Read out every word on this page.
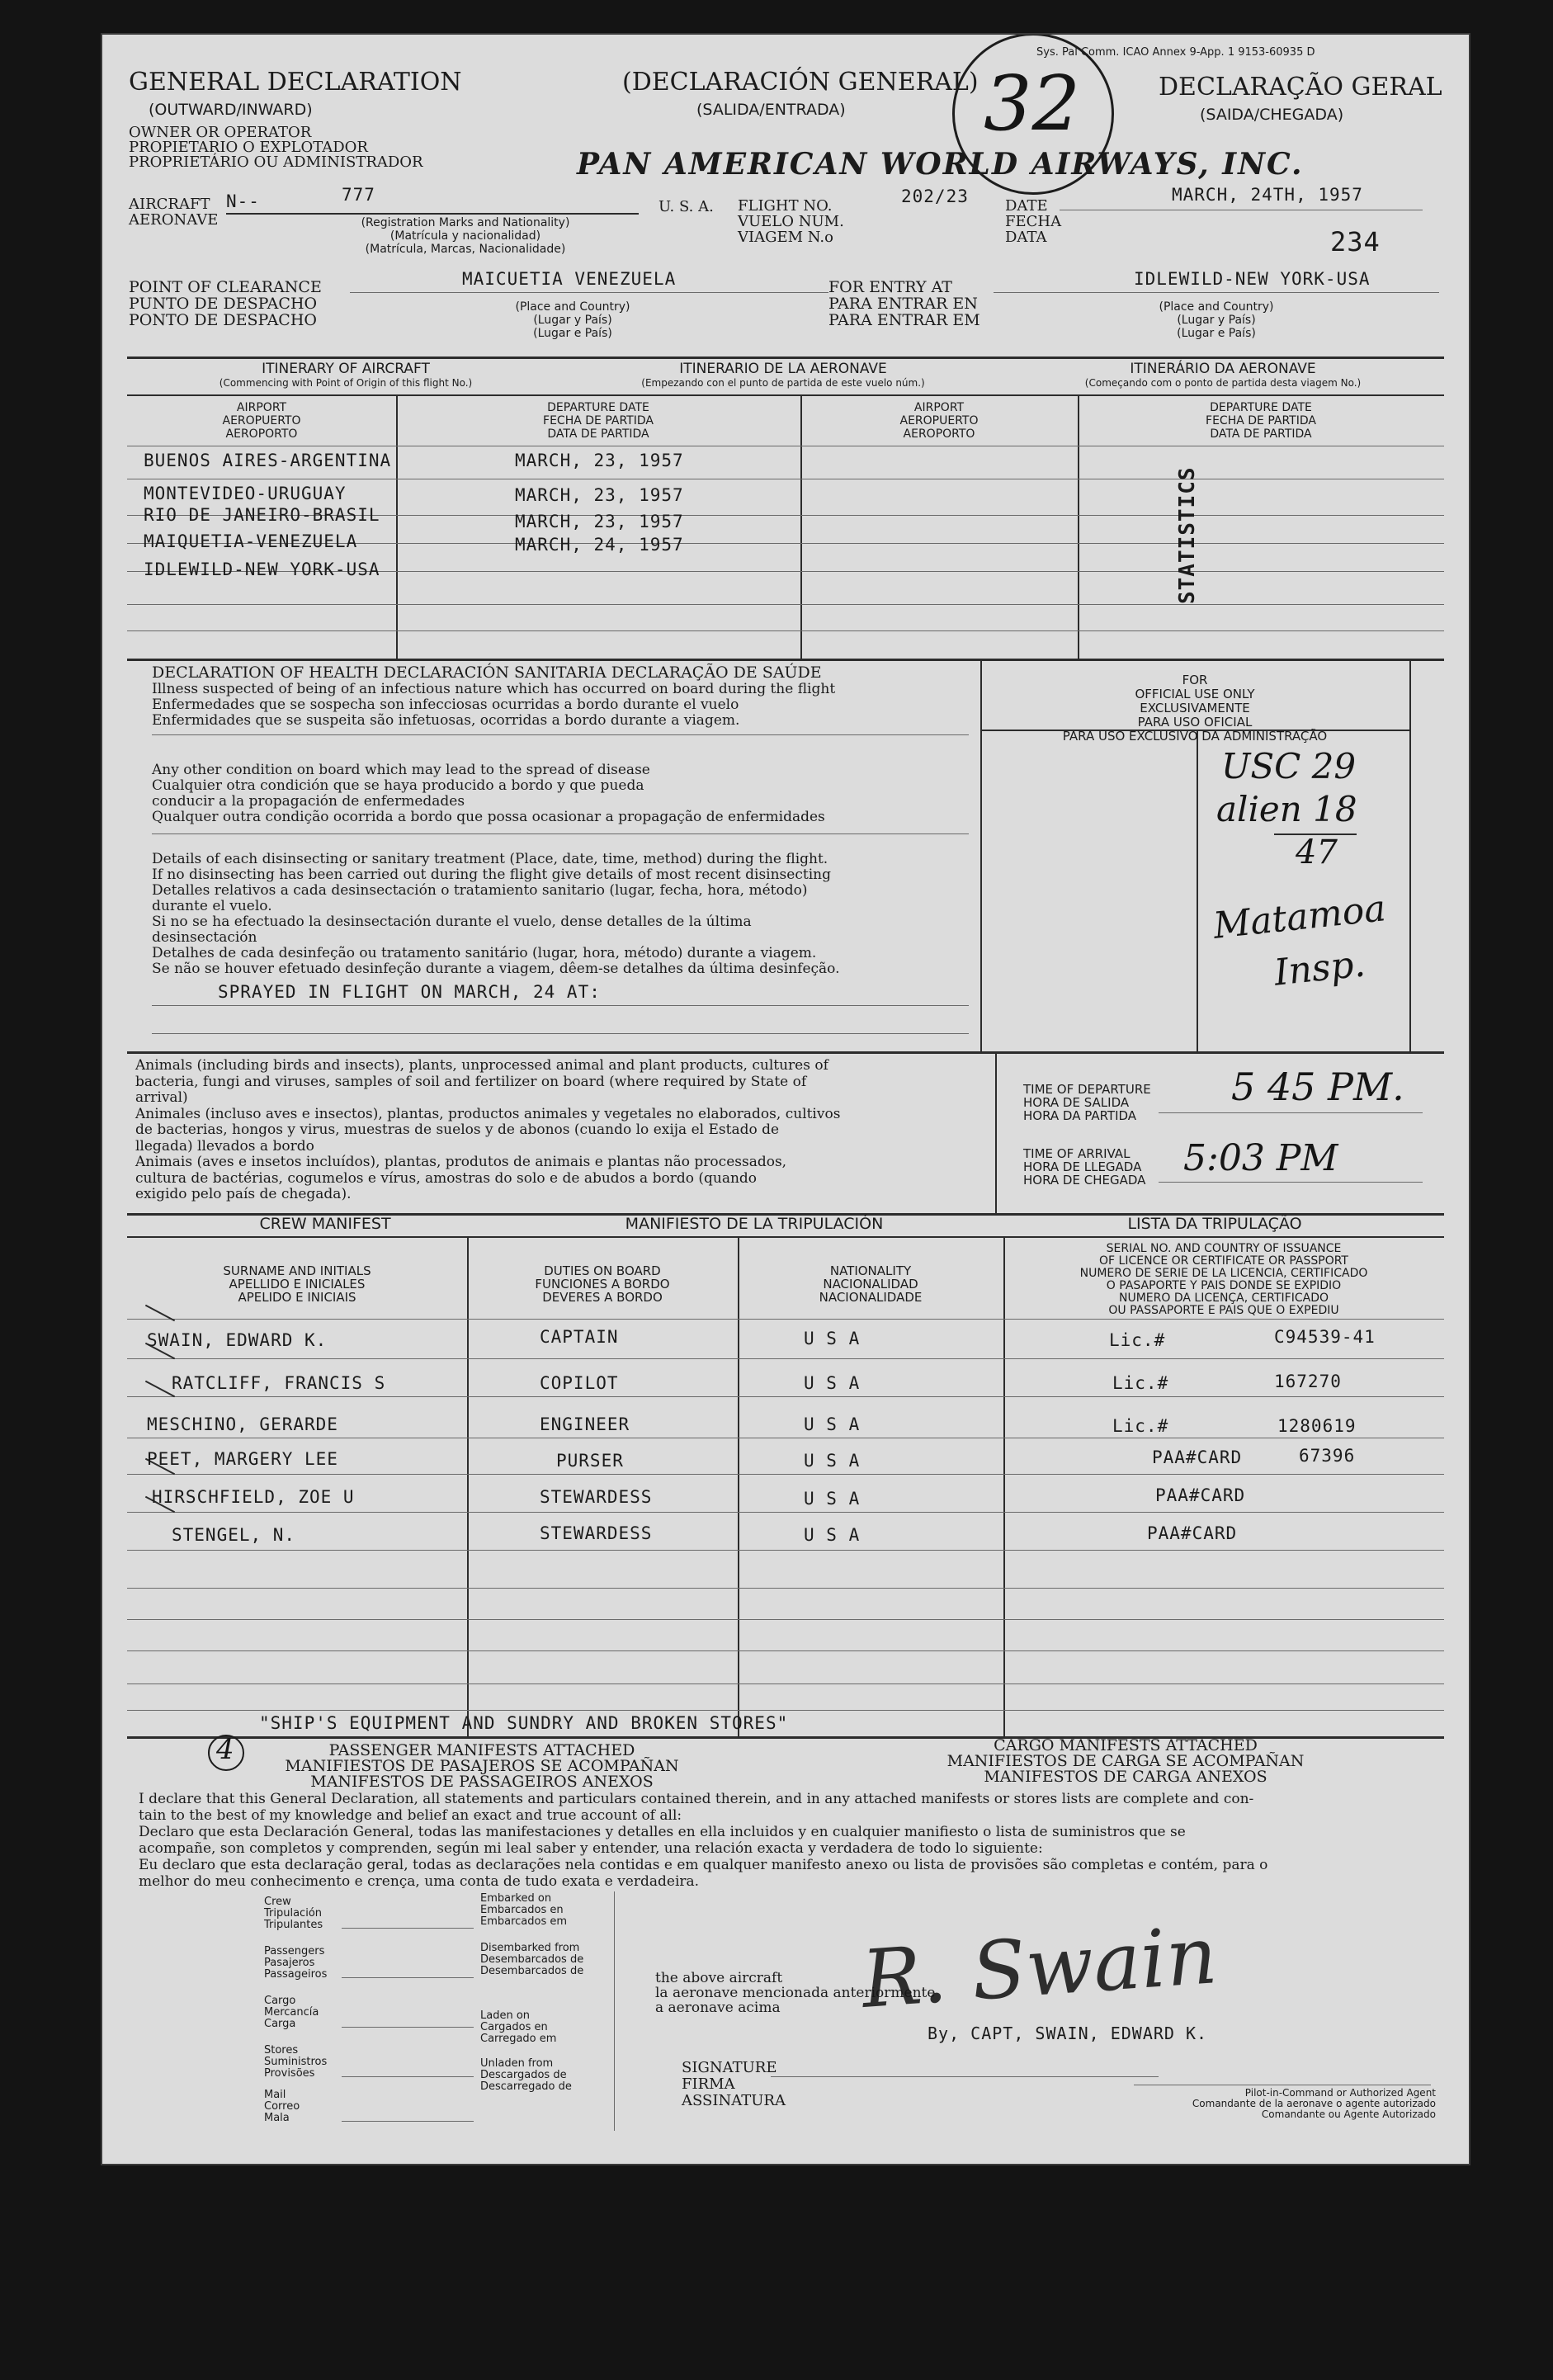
GENERAL DECLARATION
(OUTWARD/INWARD)
(DECLARACIÓN GENERAL)
(SALIDA/ENTRADA)
DECLARAÇÃO GERAL
(SAIDA/CHEGADA)
Sys. Pal Comm. ICAO Annex 9-App. 1 9153-60935 D
32
OWNER OR OPERATOR
PROPIETARIO O EXPLOTADOR
PROPRIETÁRIO OU ADMINISTRADOR	PAN AMERICAN WORLD AIRWAYS, INC.
AIRCRAFT
AERONAVE
N--	777
(Registration Marks and Nationality)
(Matrícula y nacionalidad)
(Matrícula, Marcas, Nacionalidade)
U. S. A. FLIGHT NO.
VUELO NUM.
VIAGEM N.o
202/23 DATE
FECHA
DATA
MARCH, 24TH, 1957
234
POINT OF CLEARANCE
PUNTO DE DESPACHO
PONTO DE DESPACHO
MAICUETIA VENEZUELA
(Place and Country)
(Lugar y País)
(Lugar e País)
FOR ENTRY AT
PARA ENTRAR EN
PARA ENTRAR EM
IDLEWILD-NEW YORK-USA
(Place and Country)
(Lugar y País)
(Lugar e País)
ITINERARY OF AIRCRAFT
(Commencing with Point of Origin of this flight No.)
ITINERARIO DE LA AERONAVE
(Empezando con el punto de partida de este vuelo núm.)
ITINERÁRIO DA AERONAVE
(Começando com o ponto de partida desta viagem No.)
AIRPORT
AEROPUERTO
AEROPORTO
DEPARTURE DATE
FECHA DE PARTIDA
DATA DE PARTIDA
AIRPORT
AEROPUERTO
AEROPORTO
DEPARTURE DATE
FECHA DE PARTIDA
DATA DE PARTIDA
BUENOS AIRES-ARGENTINA	MARCH, 23, 1957
MONTEVIDEO-URUGUAY	MARCH, 23, 1957
RIO DE JANEIRO-BRASIL	MARCH, 23, 1957
MAIQUETIA-VENEZUELA	MARCH, 24, 1957
IDLEWILD-NEW YORK-USA	STATISTICS
DECLARATION OF HEALTH DECLARACIÓN SANITARIA DECLARAÇÃO DE SAÚDE
Illness suspected of being of an infectious nature which has occurred on board during the flight
Enfermedades que se sospecha son infecciosas ocurridas a bordo durante el vuelo
Enfermidades que se suspeita são infetuosas, ocorridas a bordo durante a viagem.
Any other condition on board which may lead to the spread of disease
Cualquier otra condición que se haya producido a bordo y que pueda
conducir a la propagación de enfermedades
Qualquer outra condição ocorrida a bordo que possa ocasionar a propagação de enfermidades
Details of each disinsecting or sanitary treatment (Place, date, time, method) during the flight.
If no disinsecting has been carried out during the flight give details of most recent disinsecting
Detalles relativos a cada desinsectación o tratamiento sanitario (lugar, fecha, hora, método)
durante el vuelo.
Si no se ha efectuado la desinsectación durante el vuelo, dense detalles de la última
desinsectación
Detalhes de cada desinfeção ou tratamento sanitário (lugar, hora, método) durante a viagem.
Se não se houver efetuado desinfeção durante a viagem, dêem-se detalhes da última desinfeção.
SPRAYED IN FLIGHT ON MARCH, 24 AT:
FOR
OFFICIAL USE ONLY
EXCLUSIVAMENTE
PARA USO OFICIAL
PARA USO EXCLUSIVO DA ADMINISTRAÇÃO
USC 29
alien 18
47
Matamoa
Insp.
Animals (including birds and insects), plants, unprocessed animal and plant products, cultures of
bacteria, fungi and viruses, samples of soil and fertilizer on board (where required by State of
arrival)
Animales (incluso aves e insectos), plantas, productos animales y vegetales no elaborados, cultivos
de bacterias, hongos y virus, muestras de suelos y de abonos (cuando lo exija el Estado de
llegada) llevados a bordo
Animais (aves e insetos incluídos), plantas, produtos de animais e plantas não processados,
cultura de bactérias, cogumelos e vírus, amostras do solo e de abudos a bordo (quando
exigido pelo país de chegada).
TIME OF DEPARTURE
HORA DE SALIDA
HORA DA PARTIDA
5 45 PM.
TIME OF ARRIVAL
HORA DE LLEGADA
HORA DE CHEGADA
5:03 PM
CREW MANIFEST	MANIFIESTO DE LA TRIPULACIÓN	LISTA DA TRIPULAÇÃO
SURNAME AND INITIALS
APELLIDO E INICIALES
APELIDO E INICIAIS
DUTIES ON BOARD
FUNCIONES A BORDO
DEVERES A BORDO
NATIONALITY
NACIONALIDAD
NACIONALIDADE
SERIAL NO. AND COUNTRY OF ISSUANCE
OF LICENCE OR CERTIFICATE OR PASSPORT
NUMERO DE SERIE DE LA LICENCIA, CERTIFICADO
O PASAPORTE Y PAIS DONDE SE EXPIDIO
NUMERO DA LICENÇA, CERTIFICADO
OU PASSAPORTE E PAIS QUE O EXPEDIU
SWAIN, EDWARD K.	CAPTAIN	U S A	Lic.#	C94539-41
RATCLIFF, FRANCIS S	COPILOT	U S A	Lic.#	167270
MESCHINO, GERARDE	ENGINEER	U S A	Lic.#	1280619
PEET, MARGERY LEE	PURSER	U S A	PAA#CARD	67396
HIRSCHFIELD, ZOE U	STEWARDESS	U S A	PAA#CARD
STENGEL, N.	STEWARDESS	U S A	PAA#CARD
"SHIP'S EQUIPMENT AND SUNDRY AND BROKEN STORES"
4	PASSENGER MANIFESTS ATTACHED
MANIFIESTOS DE PASAJEROS SE ACOMPAÑAN
MANIFESTOS DE PASSAGEIROS ANEXOS
CARGO MANIFESTS ATTACHED
MANIFIESTOS DE CARGA SE ACOMPAÑAN
MANIFESTOS DE CARGA ANEXOS
I declare that this General Declaration, all statements and particulars contained therein, and in any attached manifests or stores lists are complete and con-
tain to the best of my knowledge and belief an exact and true account of all:
Declaro que esta Declaración General, todas las manifestaciones y detalles en ella incluidos y en cualquier manifiesto o lista de suministros que se
acompañe, son completos y comprenden, según mi leal saber y entender, una relación exacta y verdadera de todo lo siguiente:
Eu declaro que esta declaração geral, todas as declarações nela contidas e em qualquer manifesto anexo ou lista de provisões são completas e contém, para o
melhor do meu conhecimento e crença, uma conta de tudo exata e verdadeira.
Crew
Tripulación
Tripulantes
Passengers
Pasajeros
Passageiros
Cargo
Mercancía
Carga
Stores
Suministros
Provisões
Mail
Correo
Mala
Embarked on
Embarcados en
Embarcados em
Disembarked from
Desembarcados de
Desembarcados de
Laden on
Cargados en
Carregado em
Unladen from
Descargados de
Descarregado de
the above aircraft
la aeronave mencionada anteriormente
a aeronave acima R. Swain
By, CAPT, SWAIN, EDWARD K.
SIGNATURE
FIRMA
ASSINATURA	Pilot-in-Command or Authorized Agent
Comandante de la aeronave o agente autorizado
Comandante ou Agente Autorizado
